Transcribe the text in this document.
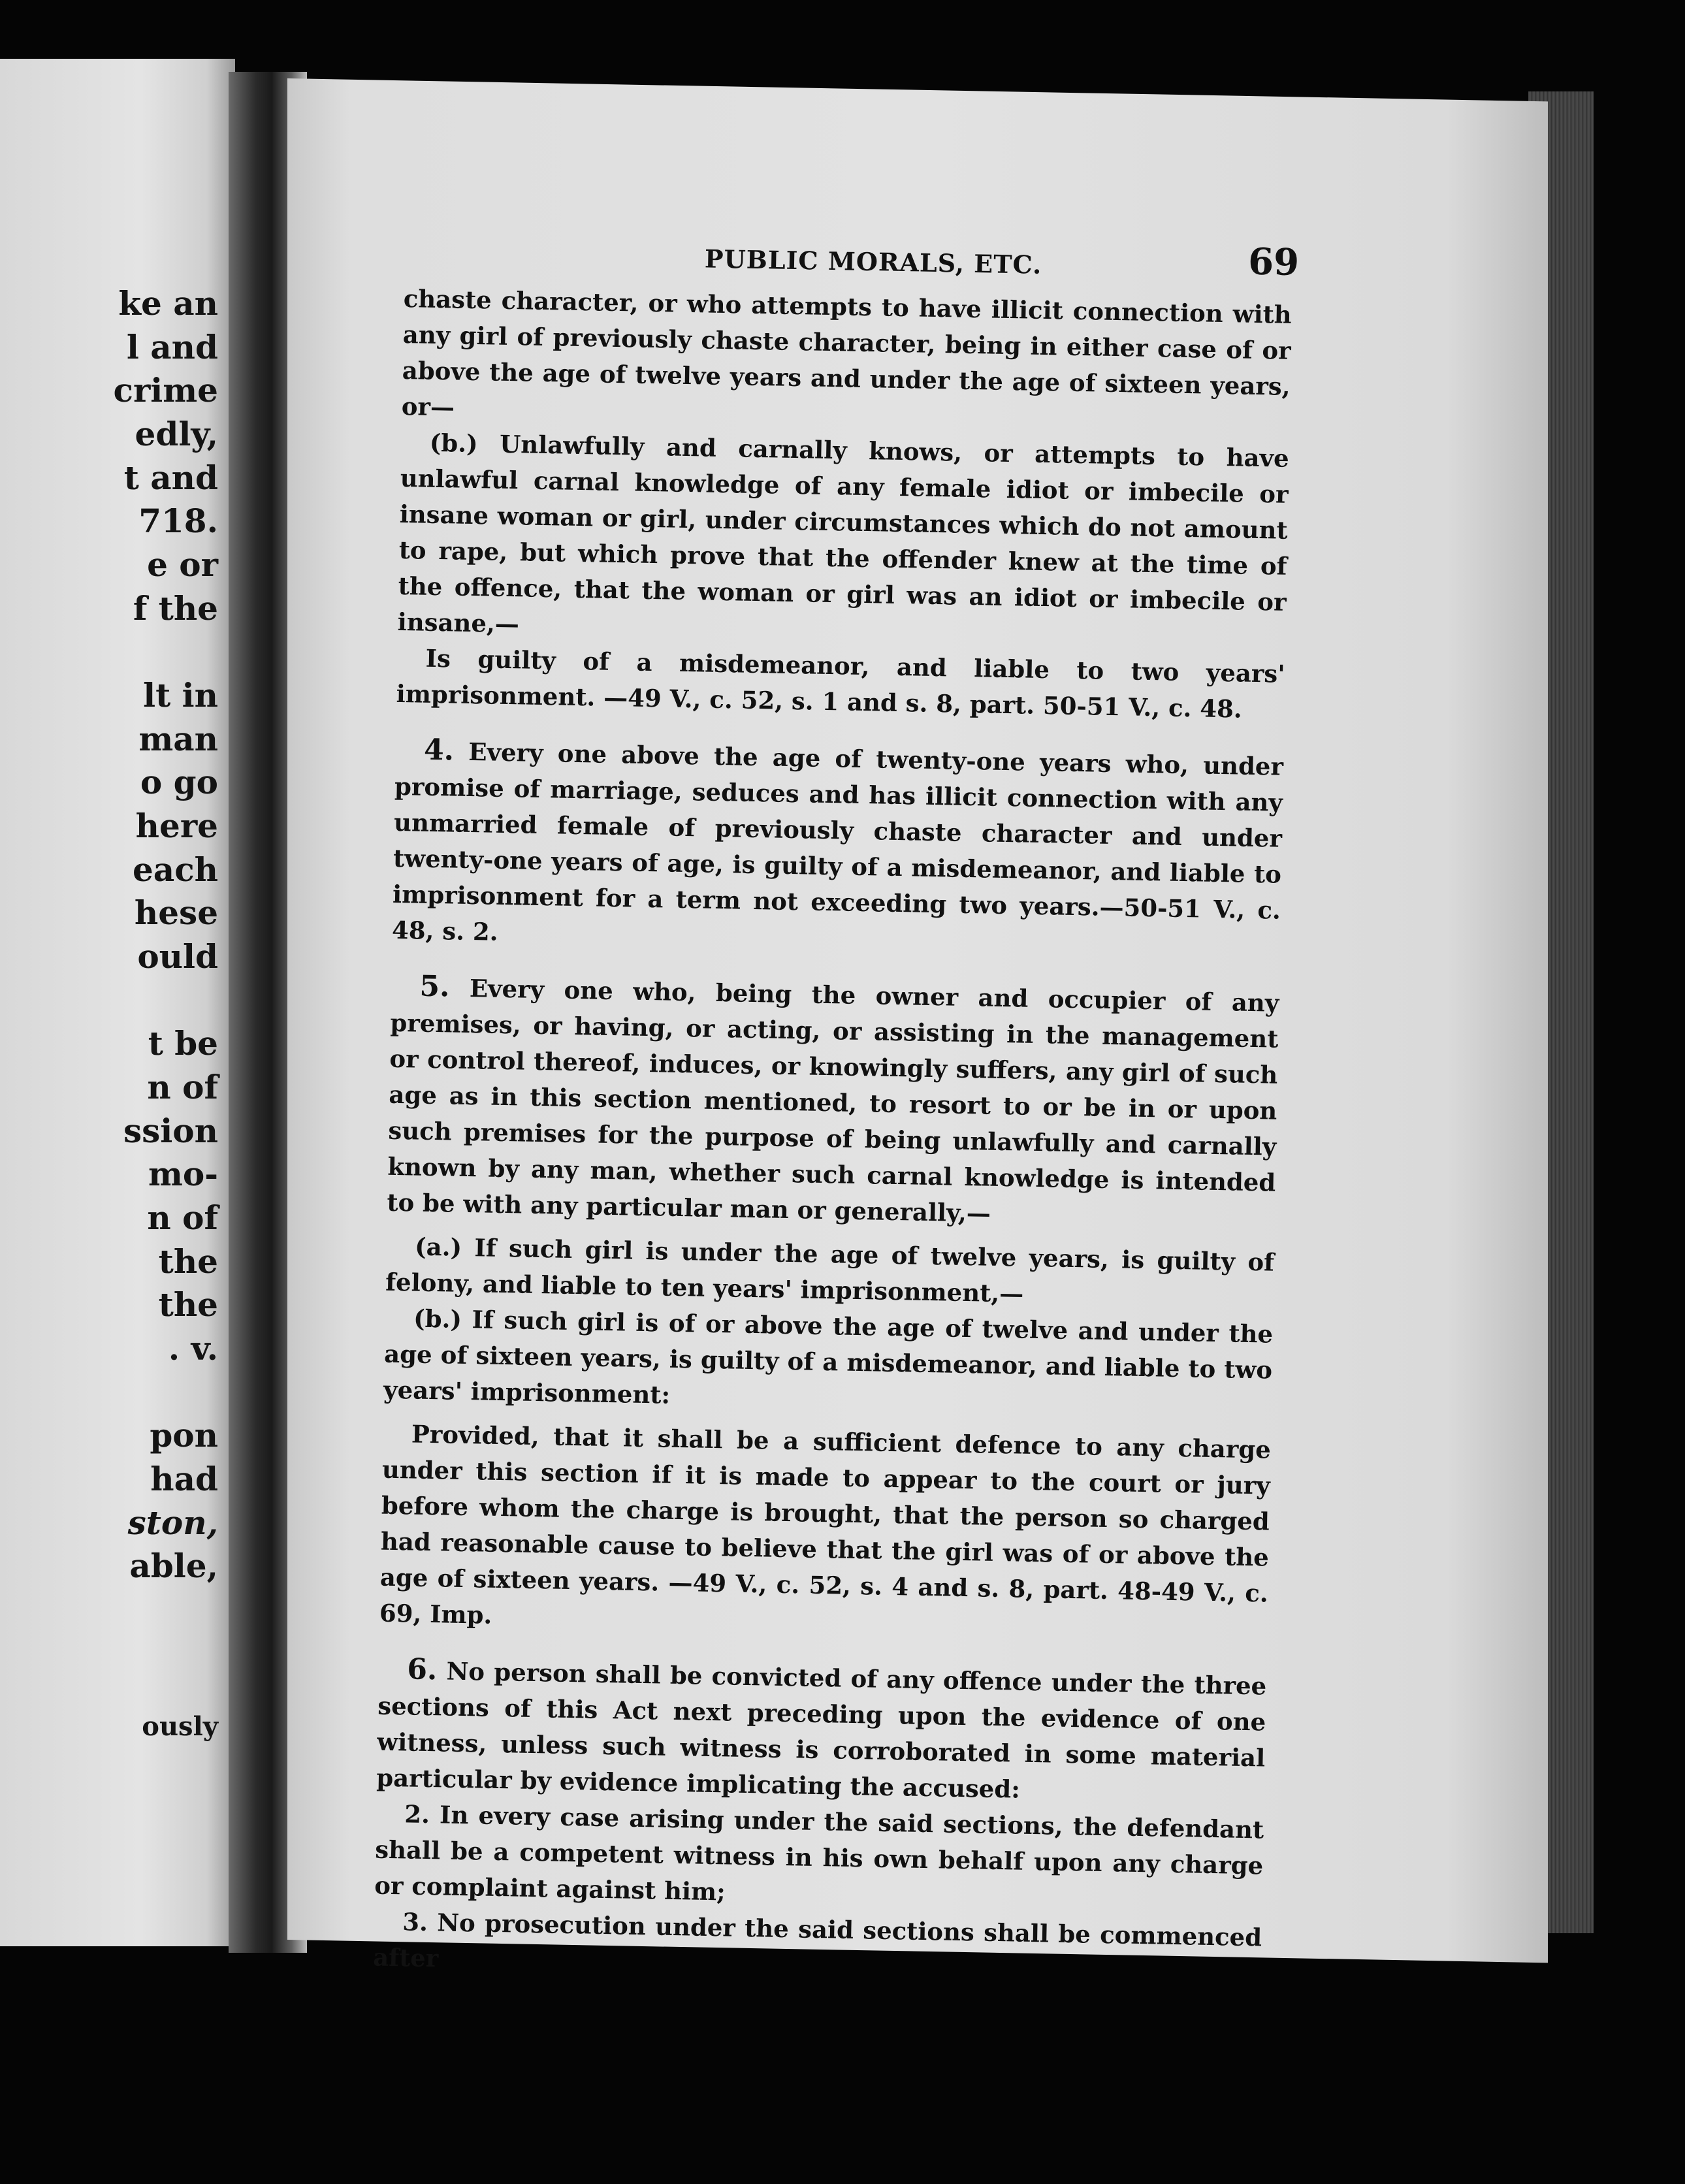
ke an
l and
crime
edly,
t and
718.
e or
f the
lt in
man
o go
here
each
hese
ould
t be
n of
ssion
mo-
n of
the
the
. v.
pon
had
ston,
able,
ously
PUBLIC MORALS, ETC.	69

chaste character, or who attempts to have illicit connection with any girl of previously chaste character, being in either case of or above the age of twelve years and under the age of sixteen years, or—

(b.) Unlawfully and carnally knows, or attempts to have unlawful carnal knowledge of any female idiot or imbecile or insane woman or girl, under circumstances which do not amount to rape, but which prove that the offender knew at the time of the offence, that the woman or girl was an idiot or imbecile or insane,—

Is guilty of a misdemeanor, and liable to two years' imprisonment. —49 V., c. 52, s. 1 and s. 8, part. 50-51 V., c. 48.

4. Every one above the age of twenty-one years who, under promise of marriage, seduces and has illicit connection with any unmarried female of previously chaste character and under twenty-one years of age, is guilty of a misdemeanor, and liable to imprisonment for a term not exceeding two years.—50-51 V., c. 48, s. 2.

5. Every one who, being the owner and occupier of any premises, or having, or acting, or assisting in the management or control thereof, induces, or knowingly suffers, any girl of such age as in this section mentioned, to resort to or be in or upon such premises for the purpose of being unlawfully and carnally known by any man, whether such carnal knowledge is intended to be with any particular man or generally,—

(a.) If such girl is under the age of twelve years, is guilty of felony, and liable to ten years' imprisonment,—

(b.) If such girl is of or above the age of twelve and under the age of sixteen years, is guilty of a misdemeanor, and liable to two years' imprisonment:

Provided, that it shall be a sufficient defence to any charge under this section if it is made to appear to the court or jury before whom the charge is brought, that the person so charged had reasonable cause to believe that the girl was of or above the age of sixteen years. —49 V., c. 52, s. 4 and s. 8, part. 48-49 V., c. 69, Imp.

6. No person shall be convicted of any offence under the three sections of this Act next preceding upon the evidence of one witness, unless such witness is corroborated in some material particular by evidence implicating the accused:

2. In every case arising under the said sections, the defendant shall be a competent witness in his own behalf upon any charge or complaint against him;

3. No prosecution under the said sections shall be commenced after
